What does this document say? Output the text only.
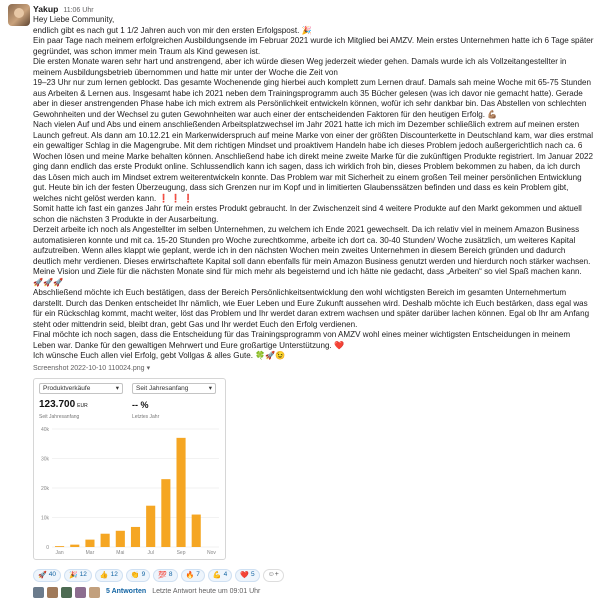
Yakup 11:06 Uhr

Hey Liebe Community,

endlich gibt es nach gut 1 1/2 Jahren auch von mir den ersten Erfolgspost. 🎉

Ein paar Tage nach meinem erfolgreichen Ausbildungsende im Februar 2021 wurde ich Mitglied bei AMZV. Mein erstes Unternehmen hatte ich 6 Tage später gegründet, was schon immer mein Traum als Kind gewesen ist.

Die ersten Monate waren sehr hart und anstrengend, aber ich würde diesen Weg jederzeit wieder gehen. Damals wurde ich als Vollzeitangestellter in meinem Ausbildungsbetrieb übernommen und hatte mir unter der Woche die Zeit von

19–23 Uhr nur zum lernen geblockt. Das gesamte Wochenende ging hierbei auch komplett zum Lernen drauf. Damals sah meine Woche mit 65-75 Stunden aus Arbeiten & Lernen aus. Insgesamt habe ich 2021 neben dem Trainingsprogramm auch 35 Bücher gelesen (was ich davor nie gemacht hatte). Gerade aber in dieser anstrengenden Phase habe ich mich extrem als Persönlichkeit entwickeln können, wofür ich sehr dankbar bin. Das Abstellen von schlechten Gewohnheiten und der Wechsel zu guten Gewohnheiten war auch einer der entscheidenden Faktoren für den heutigen Erfolg. 💪🏽

Nach vielen Auf und Abs und einem anschließenden Arbeitsplatzwechsel im Jahr 2021 hatte ich mich im Dezember schließlich extrem auf meinen ersten Launch gefreut. Als dann am 10.12.21 ein Markenwiderspruch auf meine Marke von einer der größten Discounterkette in Deutschland kam, war dies erstmal ein gewaltiger Schlag in die Magengrube. Mit dem richtigen Mindset und proaktivem Handeln habe ich dieses Problem jedoch außergerichtlich nach ca. 6 Wochen lösen und meine Marke behalten können. Anschließend habe ich direkt meine zweite Marke für die zukünftigen Produkte registriert. Im Januar 2022 ging dann endlich das erste Produkt online. Schlussendlich kann ich sagen, dass ich wirklich froh bin, dieses Problem bekommen zu haben, da ich durch das Lösen mich auch im Mindset extrem weiterentwickeln konnte. Das Problem war mit Sicherheit zu einem großen Teil meiner persönlichen Entwicklung gut. Heute bin ich der festen Überzeugung, dass sich Grenzen nur im Kopf und in limitierten Glaubenssätzen befinden und dass es kein Problem gibt, welches nicht gelöst werden kann. ❗ ❗ ❗

Somit hatte ich fast ein ganzes Jahr für mein erstes Produkt gebraucht. In der Zwischenzeit sind 4 weitere Produkte auf den Markt gekommen und aktuell schon die nächsten 3 Produkte in der Ausarbeitung.

Derzeit arbeite ich noch als Angestellter im selben Unternehmen, zu welchem ich Ende 2021 gewechselt. Da ich relativ viel in meinem Amazon Business automatisieren konnte und mit ca. 15-20 Stunden pro Woche zurechtkomme, arbeite ich dort ca. 30-40 Stunden/ Woche zusätzlich, um weiteres Kapital aufzutreiben. Wenn alles klappt wie geplant, werde ich in den nächsten Wochen mein zweites Unternehmen in diesem Bereich gründen und dadurch deutlich mehr verdienen. Dieses erwirtschaftete Kapital soll dann ebenfalls für mein Amazon Business genutzt werden und hierdurch noch stärker wachsen. Meine Vision und Ziele für die nächsten Monate sind für mich mehr als begeisternd und ich hätte nie gedacht, dass „Arbeiten“ so viel Spaß machen kann. 🚀🚀🚀

Abschließend möchte ich Euch bestätigen, dass der Bereich Persönlichkeitsentwicklung den wohl wichtigsten Bereich im gesamten Unternehmertum darstellt. Durch das Denken entscheidet Ihr nämlich, wie Euer Leben und Eure Zukunft aussehen wird. Deshalb möchte ich Euch bestärken, dass egal was für ein Rückschlag kommt, macht weiter, löst das Problem und Ihr werdet daran extrem wachsen und später darüber lachen können. Egal ob Ihr am Anfang steht oder mittendrin seid, bleibt dran, gebt Gas und Ihr werdet Euch den Erfolg verdienen.

Final möchte ich noch sagen, dass die Entscheidung für das Trainingsprogramm von AMZV wohl eines meiner wichtigsten Entscheidungen in meinem Leben war. Danke für den gewaltigen Mehrwert und Eure großartige Unterstützung. ❤️

Ich wünsche Euch allen viel Erfolg, gebt Vollgas & alles Gute. 🍀🚀😉

Screenshot 2022-10-10 110024.png ▾
Produktverkäufe	▾	Seit Jahresanfang	▾
123.700 EUR
Seit Jahresanfang
-- %
Letztes Jahr
0
10k
20k
30k
40k
Jan	Mar	Mai	Jul	Sep	Nov
🚀 40 🎉 12 👍 12 👏 9 💯 8 🔥 7 💪 4 ❤️ 5	☺+
5 Antworten Letzte Antwort heute um 09:01 Uhr
